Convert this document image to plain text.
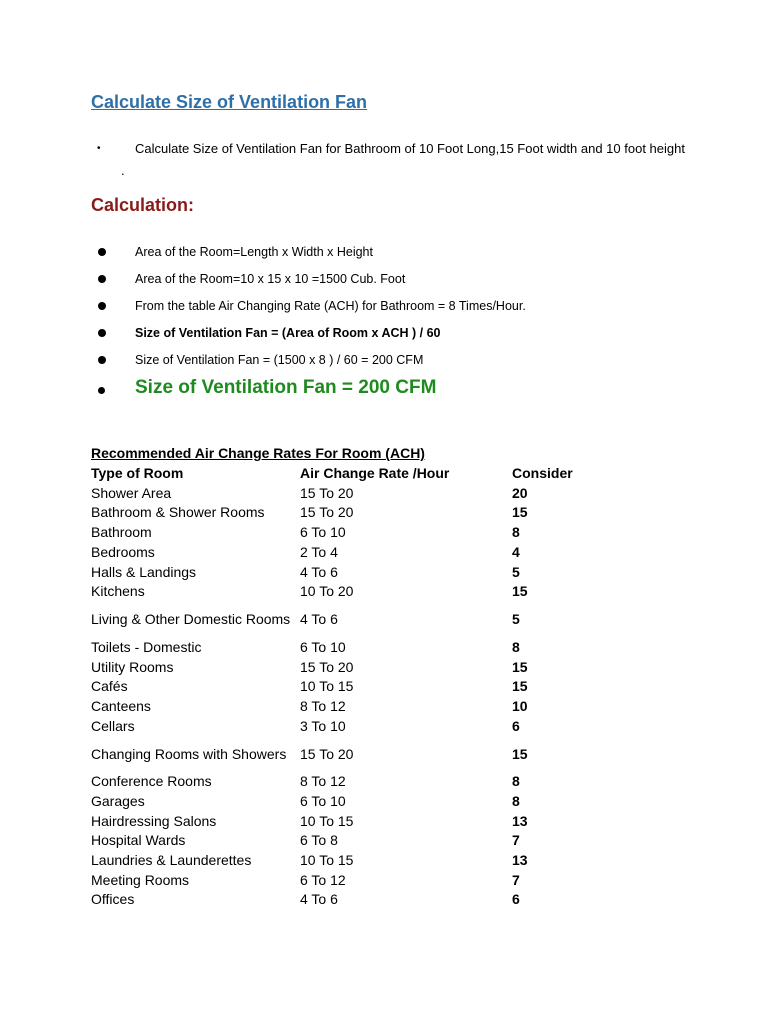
Calculate Size of Ventilation Fan
•	Calculate Size of Ventilation Fan for Bathroom of 10 Foot Long,15 Foot width and 10 foot height .
Calculation:
Area of the Room=Length x Width x Height
Area of the Room=10 x 15 x 10 =1500 Cub. Foot
From the table Air Changing Rate (ACH) for Bathroom = 8 Times/Hour.
Size of Ventilation Fan = (Area of Room x ACH ) / 60
Size of Ventilation Fan = (1500 x 8 ) / 60 = 200 CFM
Size of Ventilation Fan = 200 CFM
Recommended Air Change Rates For Room (ACH)
Type of Room	Air Change Rate /Hour	Consider
Shower Area	15 To 20	20
Bathroom & Shower Rooms	15 To 20	15
Bathroom	6 To 10	8
Bedrooms	2 To 4	4
Halls & Landings	4 To 6	5
Kitchens	10 To 20	15
Living & Other Domestic Rooms	4 To 6	5
Toilets - Domestic	6 To 10	8
Utility Rooms	15 To 20	15
Cafés	10 To 15	15
Canteens	8 To 12	10
Cellars	3 To 10	6
Changing Rooms with Showers	15 To 20	15
Conference Rooms	8 To 12	8
Garages	6 To 10	8
Hairdressing Salons	10 To 15	13
Hospital Wards	6 To 8	7
Laundries & Launderettes	10 To 15	13
Meeting Rooms	6 To 12	7
Offices	4 To 6	6
